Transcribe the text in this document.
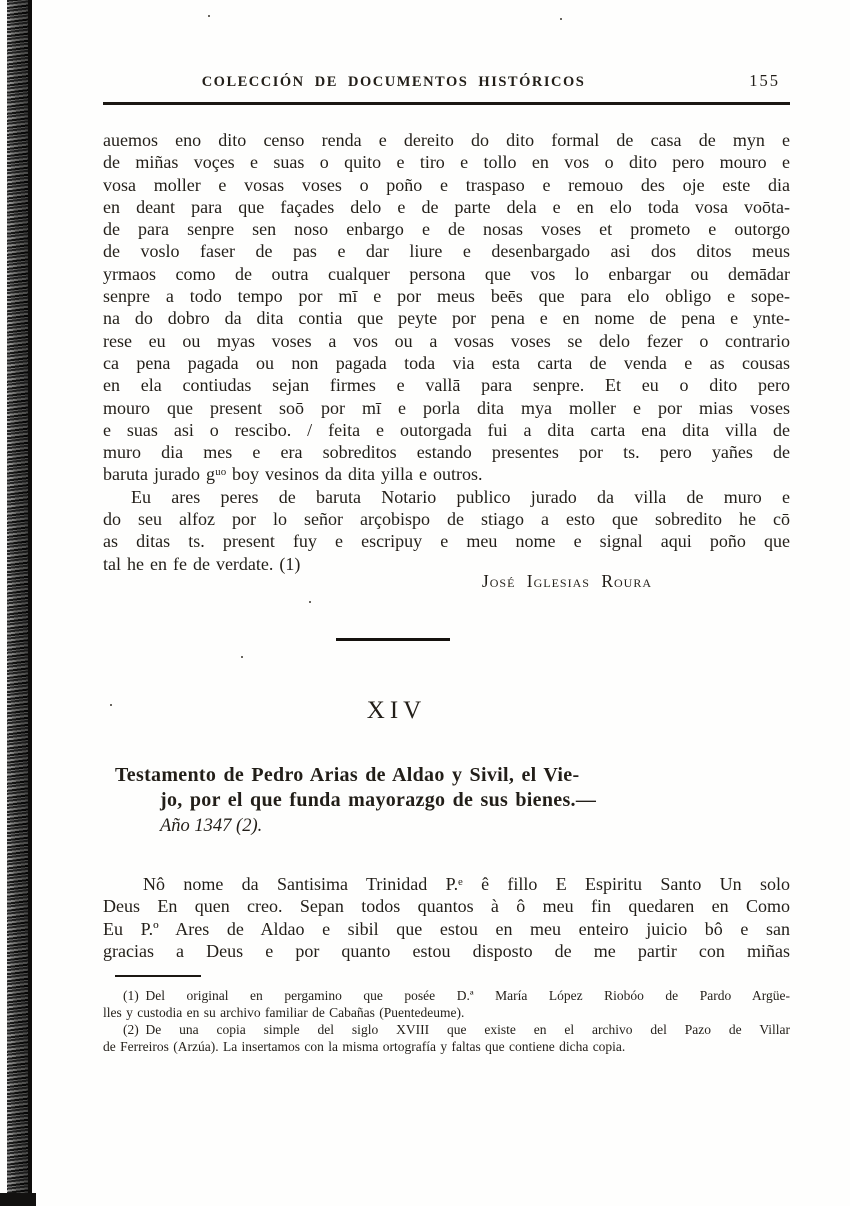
COLECCIÓN DE DOCUMENTOS HISTÓRICOS	155
auemos eno dito censo renda e dereito do dito formal de casa de myn e
de miñas voçes e suas o quito e tiro e tollo en vos o dito pero mouro e
vosa moller e vosas voses o poño e traspaso e remouo des oje este dia
en deant para que façades delo e de parte dela e en elo toda vosa voōta-
de para senpre sen noso enbargo e de nosas voses et prometo e outorgo
de voslo faser de pas e dar liure e desenbargado asi dos ditos meus
yrmaos como de outra cualquer persona que vos lo enbargar ou demādar
senpre a todo tempo por mī e por meus beēs que para elo obligo e sope-
na do dobro da dita contia que peyte por pena e en nome de pena e ynte-
rese eu ou myas voses a vos ou a vosas voses se delo fezer o contrario
ca pena pagada ou non pagada toda via esta carta de venda e as cousas
en ela contiudas sejan firmes e vallā para senpre. Et eu o dito pero
mouro que present soō por mī e porla dita mya moller e por mias voses
e suas asi o rescibo. / feita e outorgada fui a dita carta ena dita villa de
muro dia mes e era sobreditos estando presentes por ts. pero yañes de
baruta jurado gᵘᵒ boy vesinos da dita yilla e outros.
Eu ares peres de baruta Notario publico jurado da villa de muro e
do seu alfoz por lo señor arçobispo de stiago a esto que sobredito he cō
as ditas ts. present fuy e escripuy e meu nome e signal aqui poño que
tal he en fe de verdate. (1)
José Iglesias Roura
XIV
Testamento de Pedro Arias de Aldao y Sivil, el Vie-
jo, por el que funda mayorazgo de sus bienes.—
Año 1347 (2).
Nô nome da Santisima Trinidad P.ᵉ ê fillo E Espiritu Santo Un solo
Deus En quen creo. Sepan todos quantos à ô meu fin quedaren en Como
Eu P.º Ares de Aldao e sibil que estou en meu enteiro juicio bô e san
gracias a Deus e por quanto estou disposto de me partir con miñas
(1) Del original en pergamino que posée D.ª María López Riobóo de Pardo Argüe-
lles y custodia en su archivo familiar de Cabañas (Puentedeume).
(2) De una copia simple del siglo XVIII que existe en el archivo del Pazo de Villar
de Ferreiros (Arzúa). La insertamos con la misma ortografía y faltas que contiene dicha copia.
